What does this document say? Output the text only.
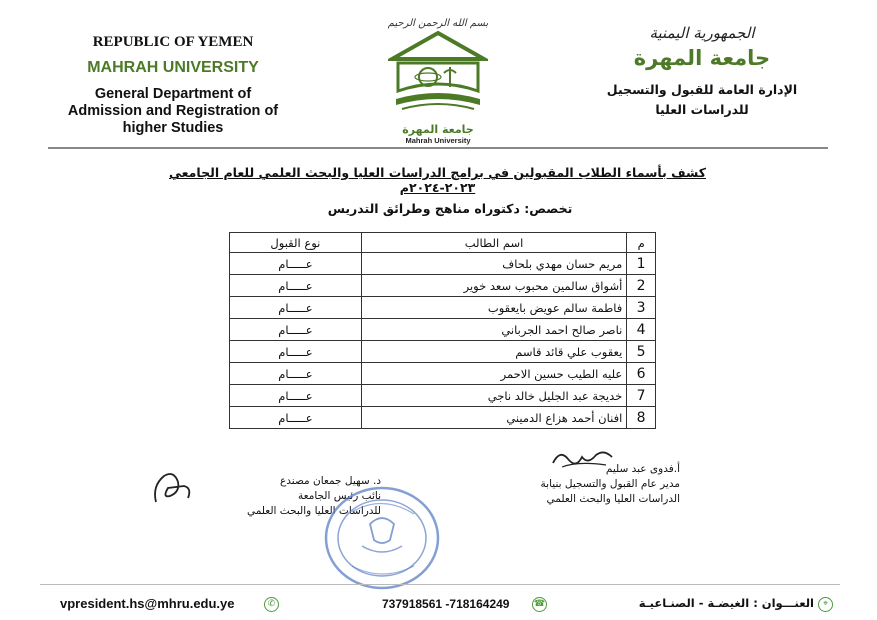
REPUBLIC OF YEMEN
MAHRAH UNIVERSITY
General Department of
Admission and Registration of
higher Studies
بسم الله الرحمن الرحيم
جامعة المهرة
Mahrah University
الجمهورية اليمنية
جامعة المهرة
الإدارة العامة للقبول والتسجيل
للدراسات العليا
كشف بأسماء الطلاب المقبولين في برامج الدراسات العليا والبحث العلمي للعام الجامعي ٢٠٢٣-٢٠٢٤م
تخصص: دكتوراه مناهج وطرائق التدريس
م	اسم الطالب	نوع القبول
1	مريم حسان مهدي بلحاف	عـــــام
2	أشواق سالمين محبوب سعد خوير	عـــــام
3	فاطمة سالم عويض بايعقوب	عـــــام
4	ناصر صالح احمد الجرباني	عـــــام
5	يعقوب علي قائد قاسم	عـــــام
6	عليه الطيب حسين الاحمر	عـــــام
7	خديجة عبد الجليل خالد ناجي	عـــــام
8	افنان أحمد هزاع الدميني	عـــــام
أ.فدوى عبد سليم
مدير عام القبول والتسجيل بنيابة
الدراسات العليا والبحث العلمي
د. سهيل جمعان مصندع
نائب رئيس الجامعة
للدراسات العليا والبحث العلمي
vpresident.hs@mhru.edu.ye	✆	737918561 -718164249	☎	العنـــوان : الغيضـة - الصنـاعيـة ⌖
